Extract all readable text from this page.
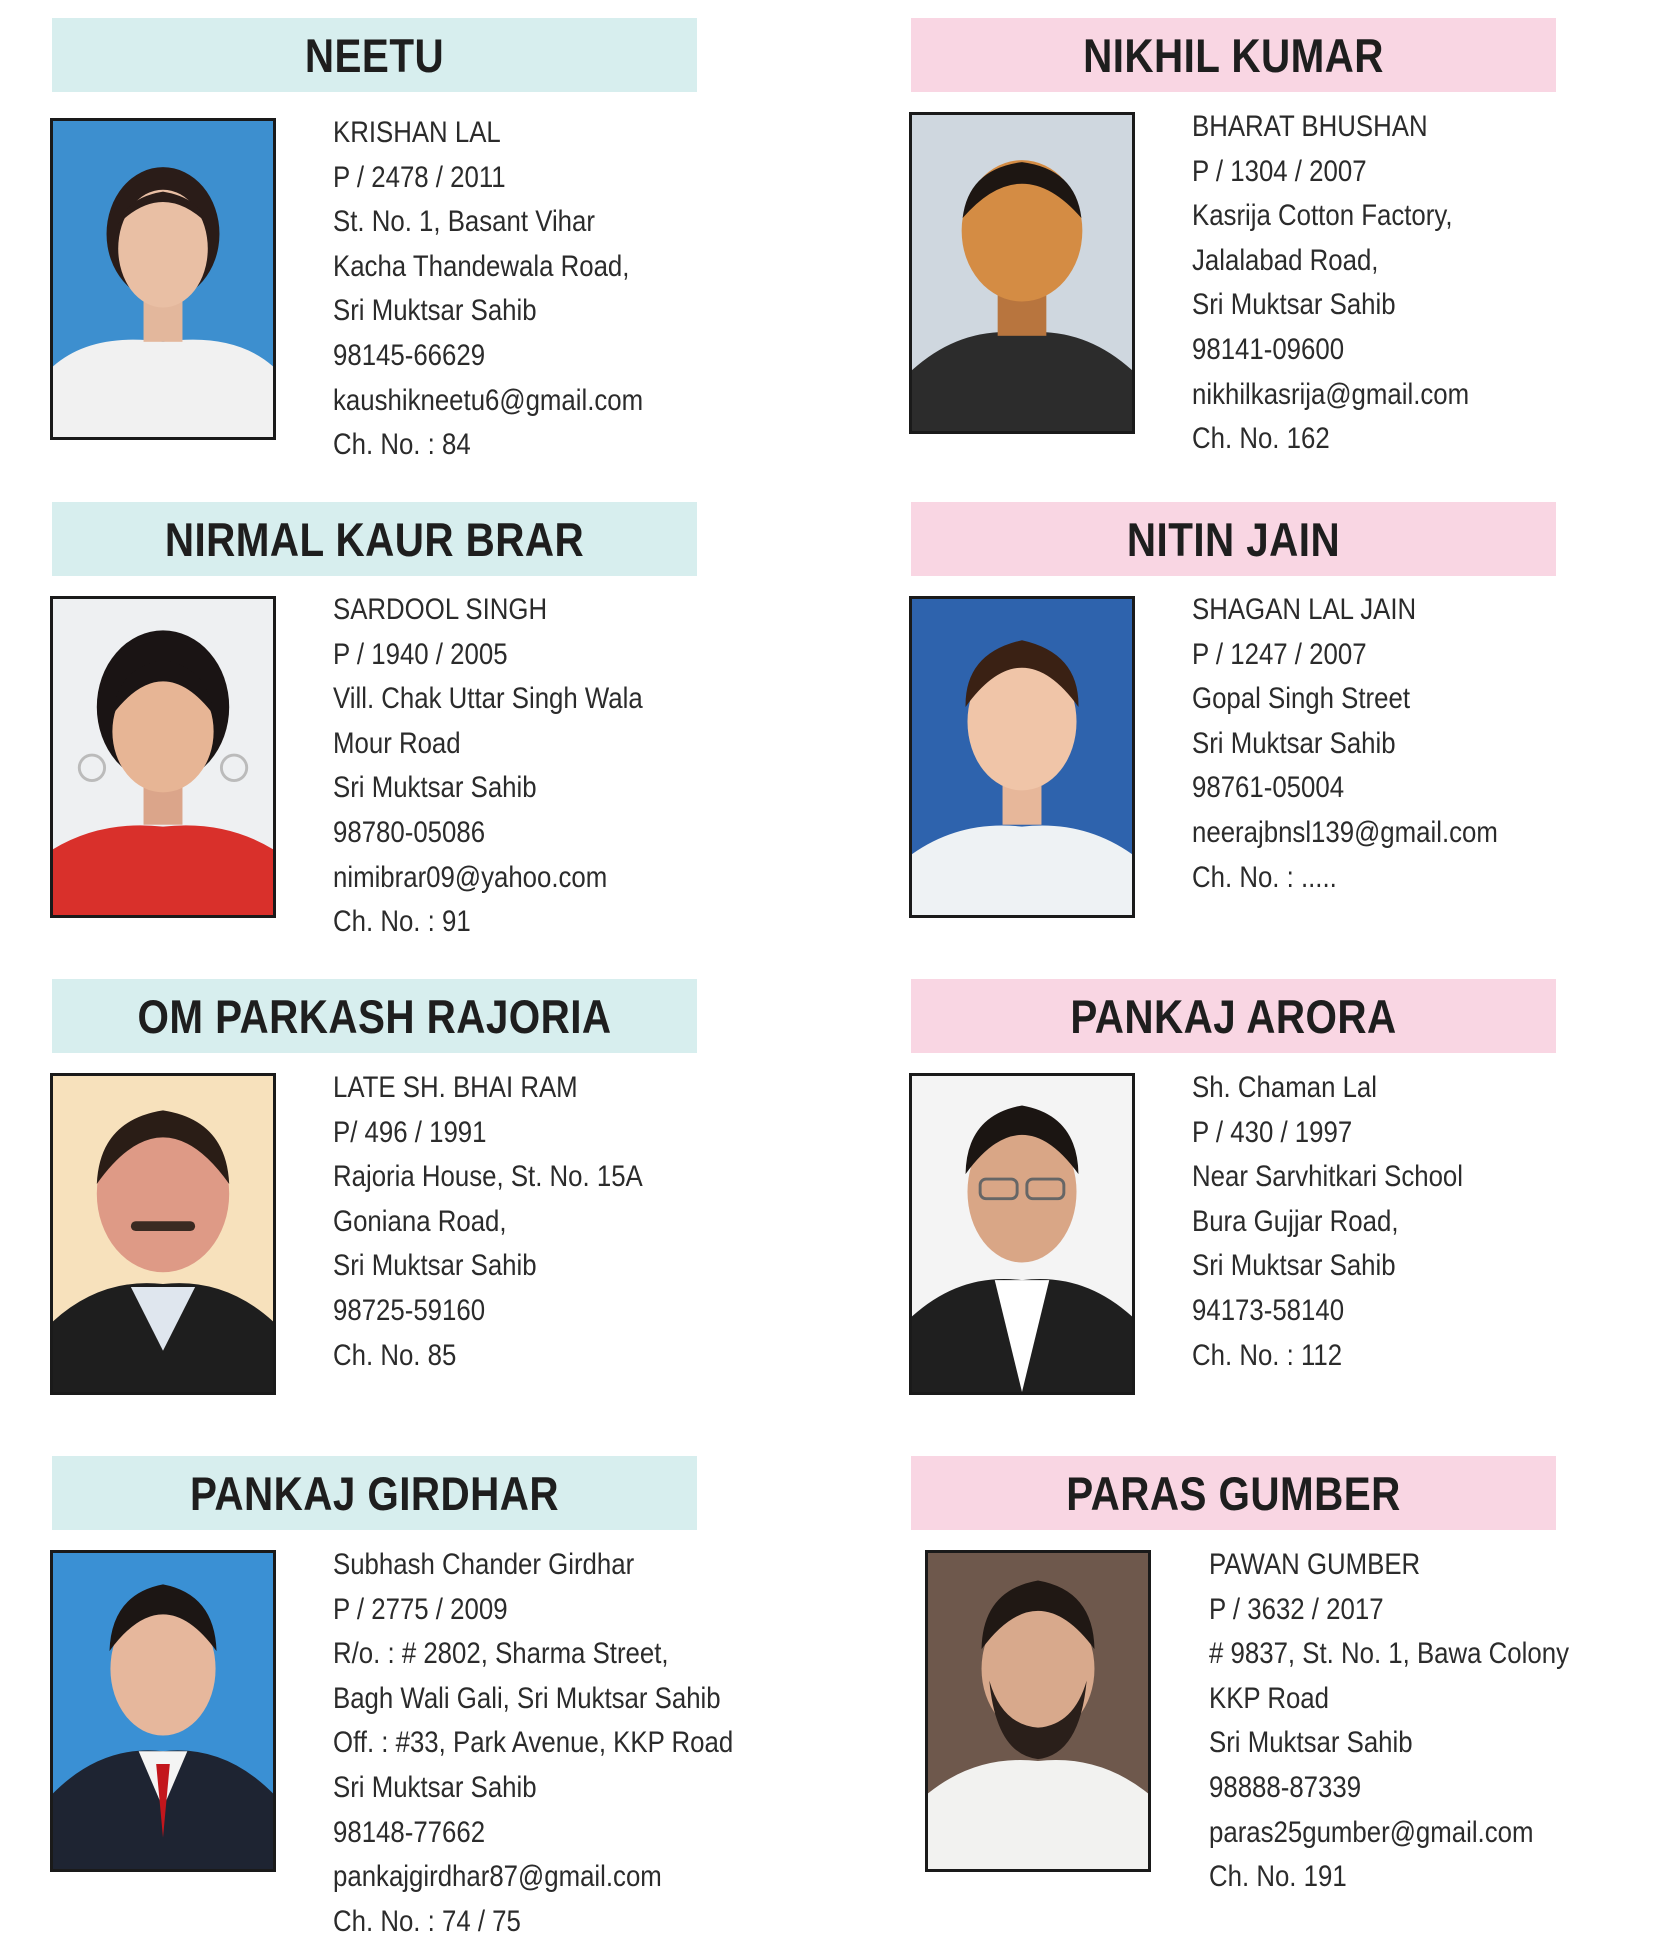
NEETU
KRISHAN LAL
P / 2478 / 2011
St. No. 1, Basant Vihar
Kacha Thandewala Road,
Sri Muktsar Sahib
98145-66629
kaushikneetu6@gmail.com
Ch. No. : 84
NIKHIL KUMAR
BHARAT BHUSHAN
P / 1304 / 2007
Kasrija Cotton Factory,
Jalalabad Road,
Sri Muktsar Sahib
98141-09600
nikhilkasrija@gmail.com
Ch. No. 162
NIRMAL KAUR BRAR
SARDOOL SINGH
P / 1940 / 2005
Vill. Chak Uttar Singh Wala
Mour Road
Sri Muktsar Sahib
98780-05086
nimibrar09@yahoo.com
Ch. No. : 91
NITIN JAIN
SHAGAN LAL JAIN
P / 1247 / 2007
Gopal Singh Street
Sri Muktsar Sahib
98761-05004
neerajbnsl139@gmail.com
Ch. No. : .....
OM PARKASH RAJORIA
LATE SH. BHAI RAM
P/ 496 / 1991
Rajoria House, St. No. 15A
Goniana Road,
Sri Muktsar Sahib
98725-59160
Ch. No. 85
PANKAJ ARORA
Sh. Chaman Lal
P / 430 / 1997
Near Sarvhitkari School
Bura Gujjar Road,
Sri Muktsar Sahib
94173-58140
Ch. No. : 112
PANKAJ GIRDHAR
Subhash Chander Girdhar
P / 2775 / 2009
R/o. : # 2802, Sharma Street,
Bagh Wali Gali, Sri Muktsar Sahib
Off. : #33, Park Avenue, KKP Road
Sri Muktsar Sahib
98148-77662
pankajgirdhar87@gmail.com
Ch. No. : 74 / 75
PARAS GUMBER
PAWAN GUMBER
P / 3632 / 2017
# 9837, St. No. 1, Bawa Colony
KKP Road
Sri Muktsar Sahib
98888-87339
paras25gumber@gmail.com
Ch. No. 191
